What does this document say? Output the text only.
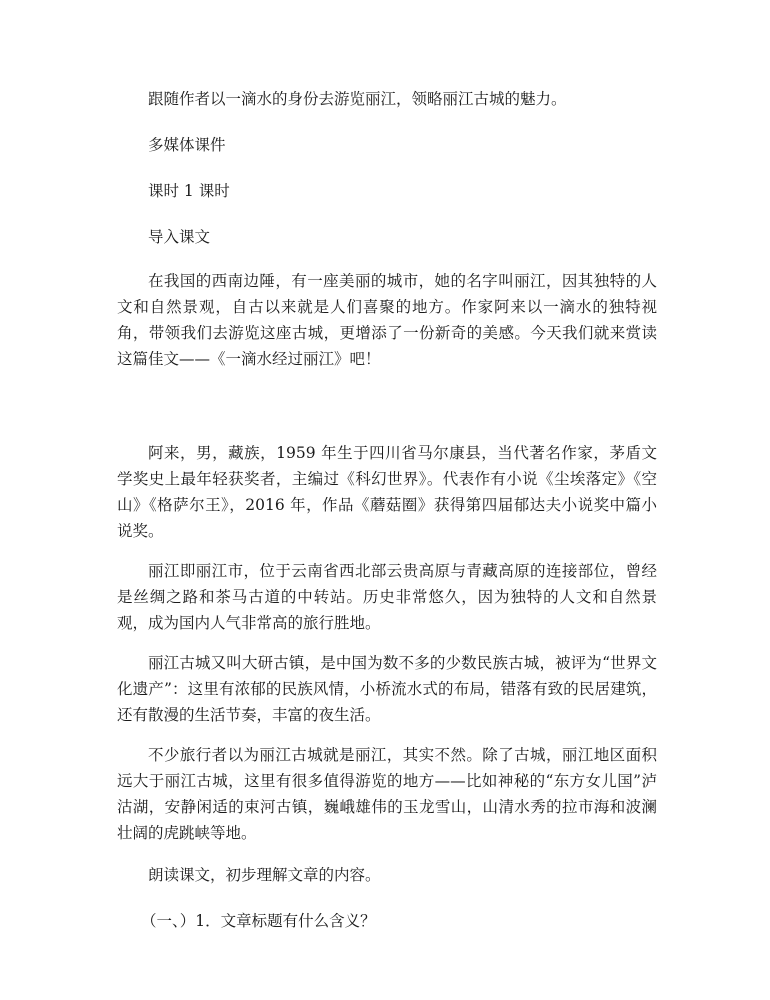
跟随作者以一滴水的身份去游览丽江，领略丽江古城的魅力。

多媒体课件

课时 1 课时

导入课文

在我国的西南边陲，有一座美丽的城市，她的名字叫丽江，因其独特的人文和自然景观，自古以来就是人们喜聚的地方。作家阿来以一滴水的独特视角，带领我们去游览这座古城，更增添了一份新奇的美感。今天我们就来赏读这篇佳文——《一滴水经过丽江》吧！

阿来，男，藏族，1959 年生于四川省马尔康县，当代著名作家，茅盾文学奖史上最年轻获奖者，主编过《科幻世界》。代表作有小说《尘埃落定》《空山》《格萨尔王》，2016 年，作品《蘑菇圈》获得第四届郁达夫小说奖中篇小说奖。

丽江即丽江市，位于云南省西北部云贵高原与青藏高原的连接部位，曾经是丝绸之路和茶马古道的中转站。历史非常悠久，因为独特的人文和自然景观，成为国内人气非常高的旅行胜地。

丽江古城又叫大研古镇，是中国为数不多的少数民族古城，被评为“世界文化遗产”：这里有浓郁的民族风情，小桥流水式的布局，错落有致的民居建筑，还有散漫的生活节奏，丰富的夜生活。

不少旅行者以为丽江古城就是丽江，其实不然。除了古城，丽江地区面积远大于丽江古城，这里有很多值得游览的地方——比如神秘的“东方女儿国”泸沽湖，安静闲适的束河古镇，巍峨雄伟的玉龙雪山，山清水秀的拉市海和波澜壮阔的虎跳峡等地。

朗读课文，初步理解文章的内容。

（一、）1．文章标题有什么含义？
